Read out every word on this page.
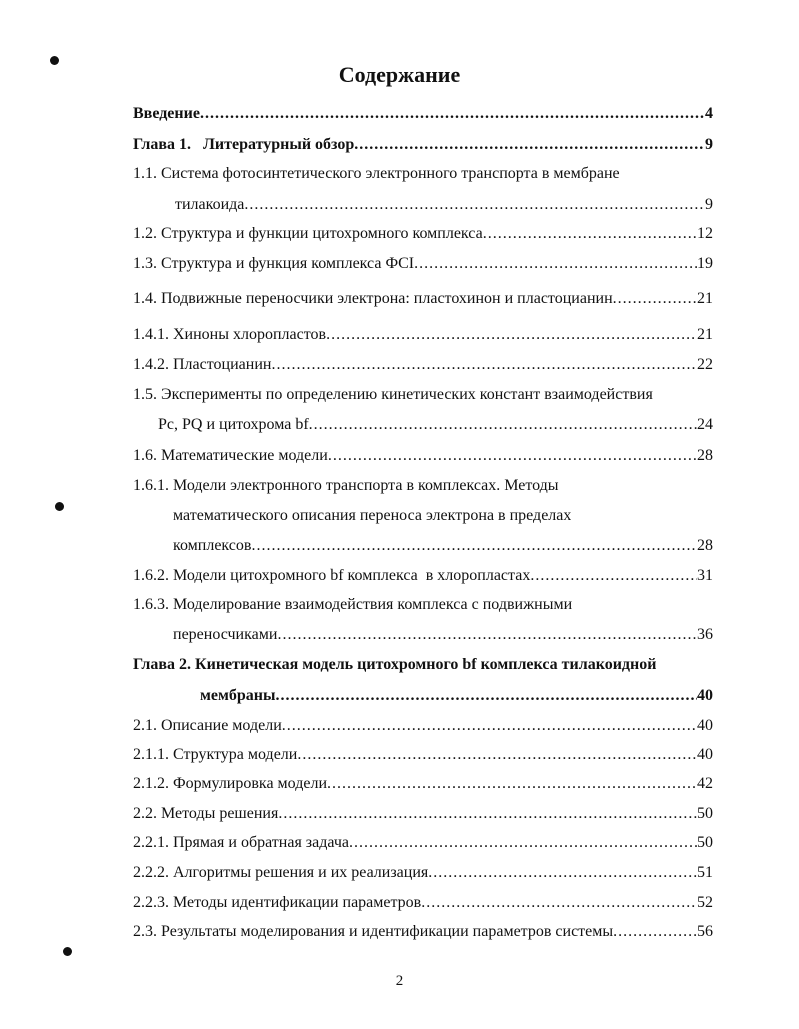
Содержание
Введение .....	4
Глава 1.   Литературный обзор .....	9
1.1. Система фотосинтетического электронного транспорта в мембране
тилакоида .....	9
1.2. Структура и функции цитохромного комплекса .....	12
1.3. Структура и функция комплекса ФСI .....	19
1.4. Подвижные переносчики электрона: пластохинон и пластоцианин .....	21
1.4.1. Хиноны хлоропластов .....	21
1.4.2. Пластоцианин .....	22
1.5. Эксперименты по определению кинетических констант взаимодействия
Pc, PQ и цитохрома bf .....	24
1.6. Математические модели .....	28
1.6.1. Модели электронного транспорта в комплексах. Методы
математического описания переноса электрона в пределах
комплексов .....	28
1.6.2. Модели цитохромного bf комплекса  в хлоропластах .....	31
1.6.3. Моделирование взаимодействия комплекса с подвижными
переносчиками .....	36
Глава 2. Кинетическая модель цитохромного bf комплекса тилакоидной
мембраны .....	40
2.1. Описание модели .....	40
2.1.1. Структура модели .....	40
2.1.2. Формулировка модели .....	42
2.2. Методы решения .....	50
2.2.1. Прямая и обратная задача .....	50
2.2.2. Алгоритмы решения и их реализация .....	51
2.2.3. Методы идентификации параметров .....	52
2.3. Результаты моделирования и идентификации параметров системы .....	56
2
